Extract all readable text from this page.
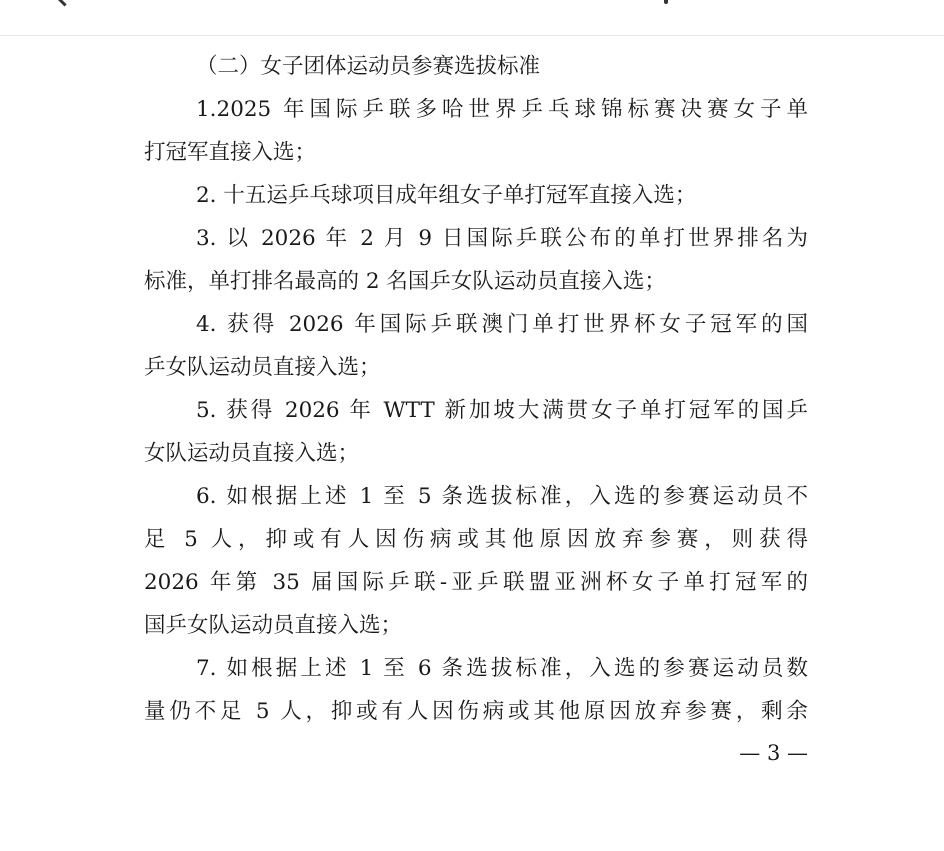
（二）女子团体运动员参赛选拔标准
1.2025 年国际乒联多哈世界乒乓球锦标赛决赛女子单
打冠军直接入选；
2. 十五运乒乓球项目成年组女子单打冠军直接入选；
3. 以 2026 年 2 月 9 日国际乒联公布的单打世界排名为
标准，单打排名最高的 2 名国乒女队运动员直接入选；
4. 获得 2026 年国际乒联澳门单打世界杯女子冠军的国
乒女队运动员直接入选；
5. 获得 2026 年 WTT 新加坡大满贯女子单打冠军的国乒
女队运动员直接入选；
6. 如根据上述 1 至 5 条选拔标准，入选的参赛运动员不
足 5 人，抑或有人因伤病或其他原因放弃参赛，则获得
2026 年第 35 届国际乒联-亚乒联盟亚洲杯女子单打冠军的
国乒女队运动员直接入选；
7. 如根据上述 1 至 6 条选拔标准，入选的参赛运动员数
量仍不足 5 人，抑或有人因伤病或其他原因放弃参赛，剩余
— 3 —
